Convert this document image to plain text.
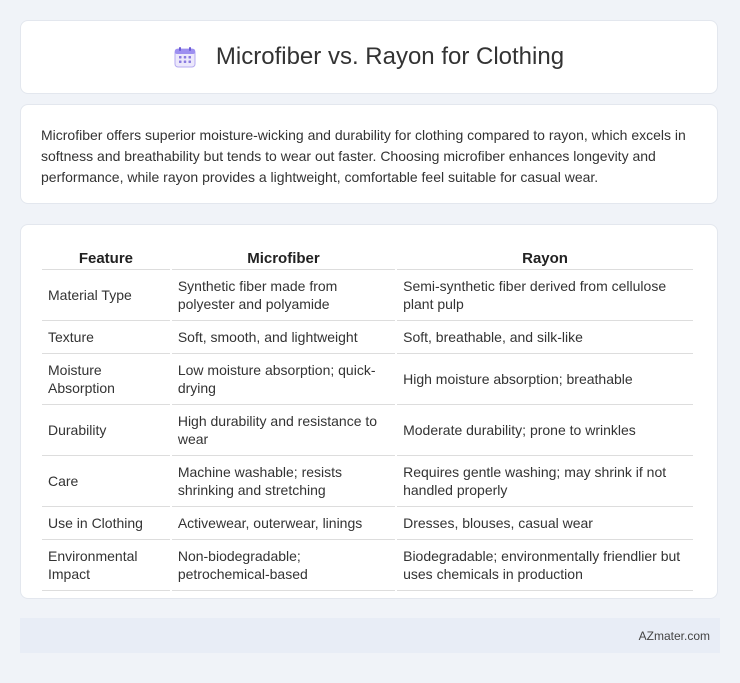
Microfiber vs. Rayon for Clothing

Microfiber offers superior moisture-wicking and durability for clothing compared to rayon, which excels in softness and breathability but tends to wear out faster. Choosing microfiber enhances longevity and performance, while rayon provides a lightweight, comfortable feel suitable for casual wear.

Feature	Microfiber	Rayon
Material Type	Synthetic fiber made from polyester and polyamide	Semi-synthetic fiber derived from cellulose plant pulp
Texture	Soft, smooth, and lightweight	Soft, breathable, and silk-like
Moisture Absorption	Low moisture absorption; quick-drying	High moisture absorption; breathable
Durability	High durability and resistance to wear	Moderate durability; prone to wrinkles
Care	Machine washable; resists shrinking and stretching	Requires gentle washing; may shrink if not handled properly
Use in Clothing	Activewear, outerwear, linings	Dresses, blouses, casual wear
Environmental Impact	Non-biodegradable; petrochemical-based	Biodegradable; environmentally friendlier but uses chemicals in production
AZmater.com
